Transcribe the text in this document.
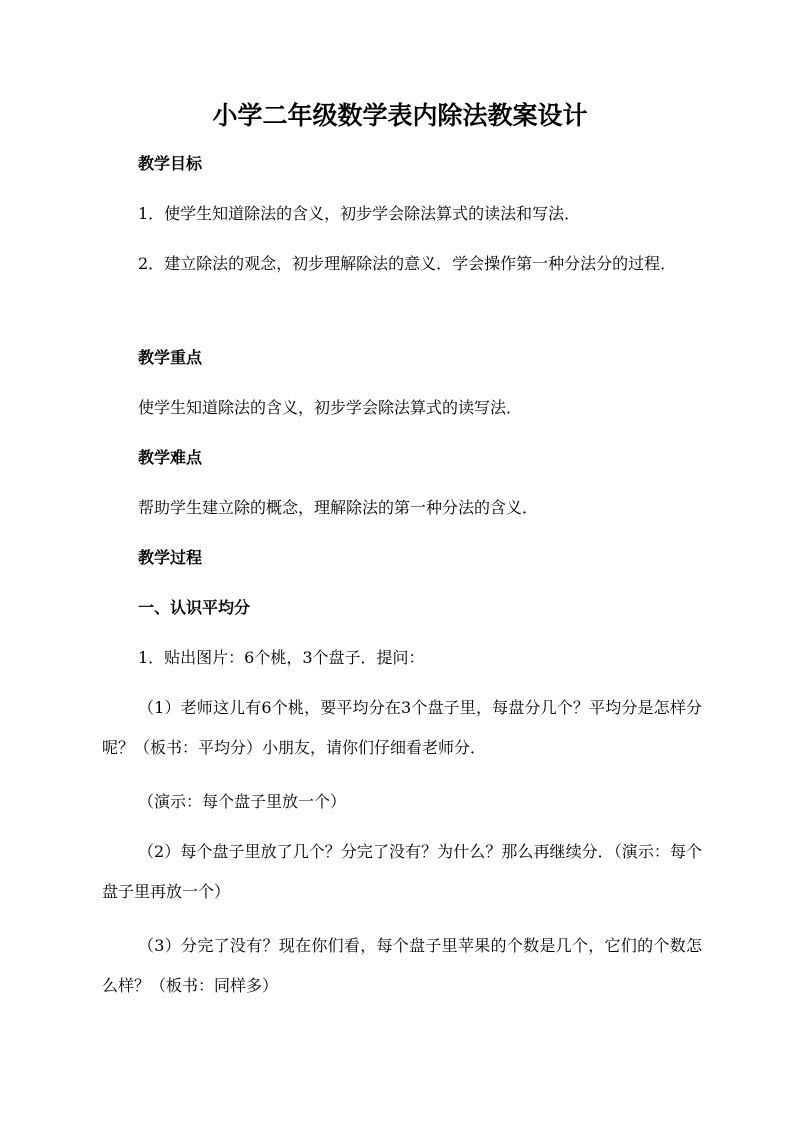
小学二年级数学表内除法教案设计

教学目标

1．使学生知道除法的含义，初步学会除法算式的读法和写法．

2．建立除法的观念，初步理解除法的意义．学会操作第一种分法分的过程．

教学重点

使学生知道除法的含义，初步学会除法算式的读写法．

教学难点

帮助学生建立除的概念，理解除法的第一种分法的含义．

教学过程

一、认识平均分

1．贴出图片：6个桃，3个盘子．提问：

（1）老师这儿有6个桃，要平均分在3个盘子里，每盘分几个？平均分是怎样分呢？（板书：平均分）小朋友，请你们仔细看老师分．

（演示：每个盘子里放一个）

（2）每个盘子里放了几个？分完了没有？为什么？那么再继续分．（演示：每个盘子里再放一个）

（3）分完了没有？现在你们看，每个盘子里苹果的个数是几个，它们的个数怎么样？（板书：同样多）
